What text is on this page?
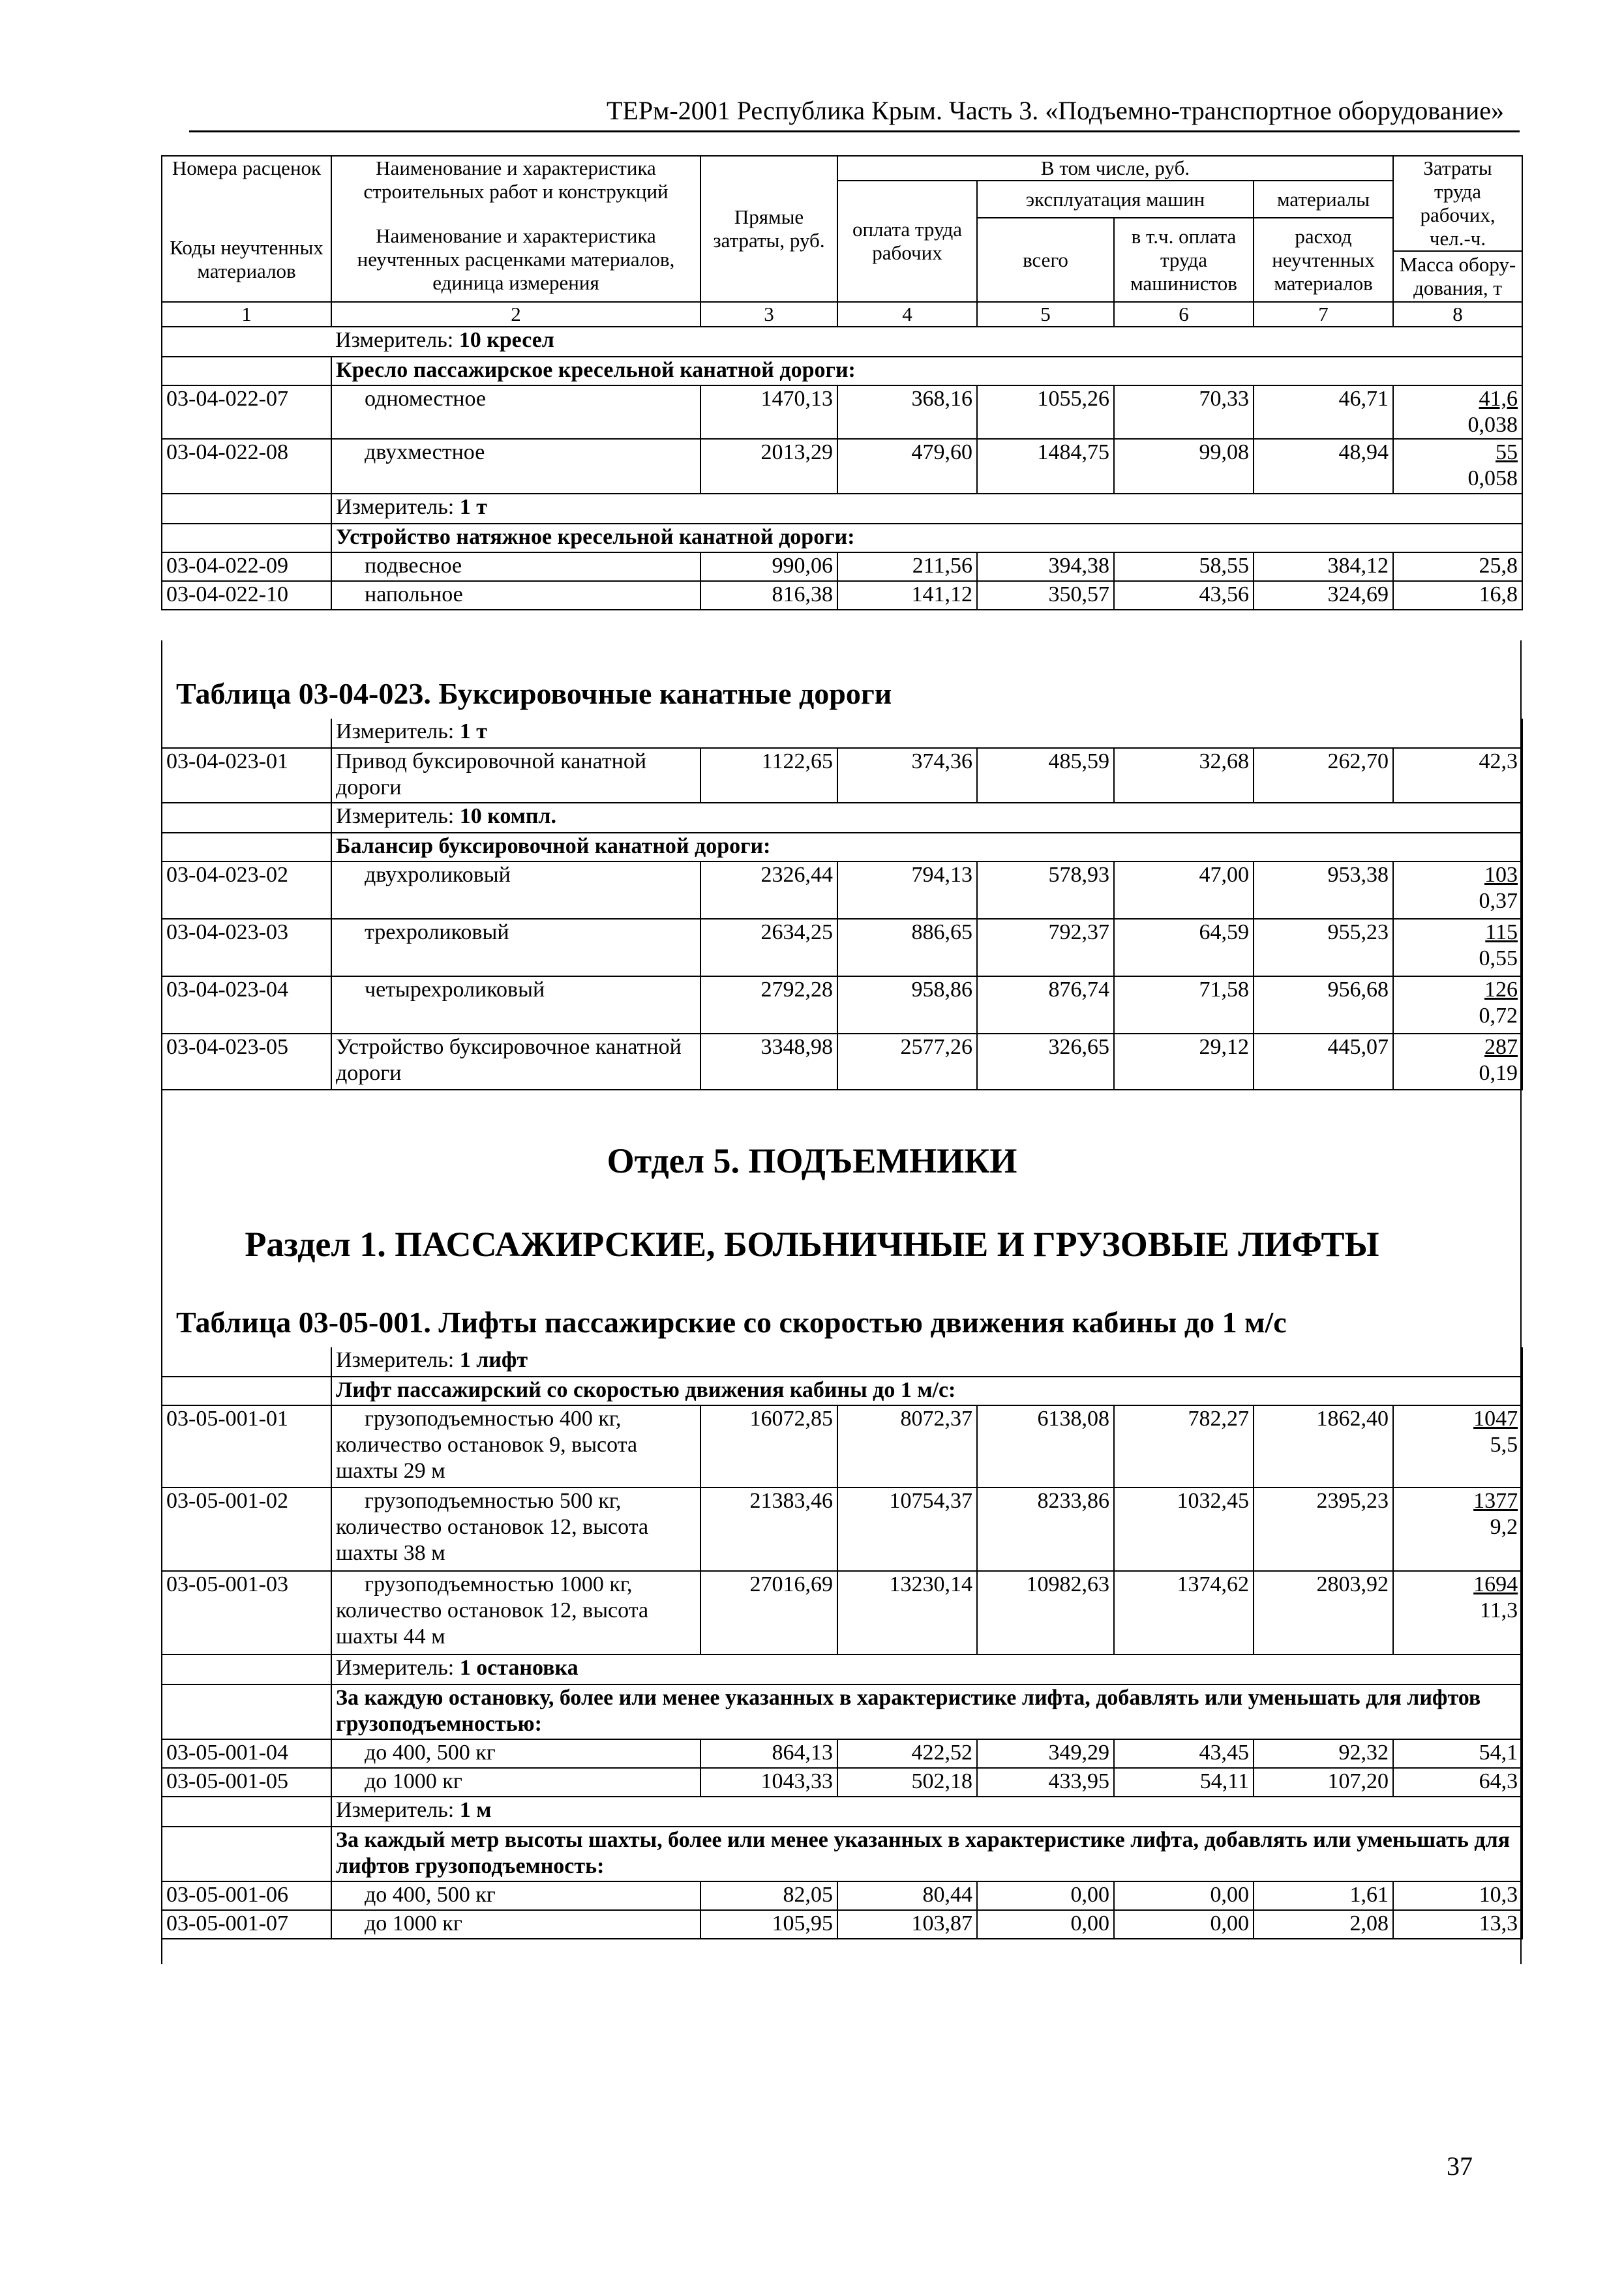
ТЕРм-2001 Республика Крым. Часть 3. «Подъемно-транспортное оборудование»
Номера расценок	Наименование и характеристика строительных работ и конструкций	Прямые затраты, руб.	В том числе, руб.				Затраты труда рабочих, чел.-ч.
			оплата труда рабочих	эксплуатация машин		материалы	
Коды неучтенных материалов	Наименование и характеристика неучтенных расценками материалов, единица измерения			всего	в т.ч. оплата труда машинистов	расход неучтенных материалов	
							Масса обору-дования, т
1	2	3	4	5	6	7	8
	Измеритель: 10 кресел						
	Кресло пассажирское кресельной канатной дороги:						
03-04-022-07	одноместное	1470,13	368,16	1055,26	70,33	46,71	41,6
0,038
03-04-022-08	двухместное	2013,29	479,60	1484,75	99,08	48,94	55
0,058
	Измеритель: 1 т						
	Устройство натяжное кресельной канатной дороги:						
03-04-022-09	подвесное	990,06	211,56	394,38	58,55	384,12	25,8
03-04-022-10	напольное	816,38	141,12	350,57	43,56	324,69	16,8
Таблица 03-04-023. Буксировочные канатные дороги
	Измеритель: 1 т						
03-04-023-01	Привод буксировочной канатной дороги	1122,65	374,36	485,59	32,68	262,70	42,3
	Измеритель: 10 компл.						
	Балансир буксировочной канатной дороги:						
03-04-023-02	двухроликовый	2326,44	794,13	578,93	47,00	953,38	103
0,37
03-04-023-03	трехроликовый	2634,25	886,65	792,37	64,59	955,23	115
0,55
03-04-023-04	четырехроликовый	2792,28	958,86	876,74	71,58	956,68	126
0,72
03-04-023-05	Устройство буксировочное канатной дороги	3348,98	2577,26	326,65	29,12	445,07	287
0,19
Отдел 5. ПОДЪЕМНИКИ
Раздел 1. ПАССАЖИРСКИЕ, БОЛЬНИЧНЫЕ И ГРУЗОВЫЕ ЛИФТЫ
Таблица 03-05-001. Лифты пассажирские со скоростью движения кабины до 1 м/с
	Измеритель: 1 лифт						
	Лифт пассажирский со скоростью движения кабины до 1 м/с:						
03-05-001-01	грузоподъемностью 400 кг, количество остановок 9, высота шахты 29 м	16072,85	8072,37	6138,08	782,27	1862,40	1047
5,5
03-05-001-02	грузоподъемностью 500 кг, количество остановок 12, высота шахты 38 м	21383,46	10754,37	8233,86	1032,45	2395,23	1377
9,2
03-05-001-03	грузоподъемностью 1000 кг, количество остановок 12, высота шахты 44 м	27016,69	13230,14	10982,63	1374,62	2803,92	1694
11,3
	Измеритель: 1 остановка						
	За каждую остановку, более или менее указанных в характеристике лифта, добавлять или уменьшать для лифтов грузоподъемностью:						
03-05-001-04	до 400, 500 кг	864,13	422,52	349,29	43,45	92,32	54,1
03-05-001-05	до 1000 кг	1043,33	502,18	433,95	54,11	107,20	64,3
	Измеритель: 1 м						
	За каждый метр высоты шахты, более или менее указанных в характеристике лифта, добавлять или уменьшать для лифтов грузоподъемность:						
03-05-001-06	до 400, 500 кг	82,05	80,44	0,00	0,00	1,61	10,3
03-05-001-07	до 1000 кг	105,95	103,87	0,00	0,00	2,08	13,3
37
